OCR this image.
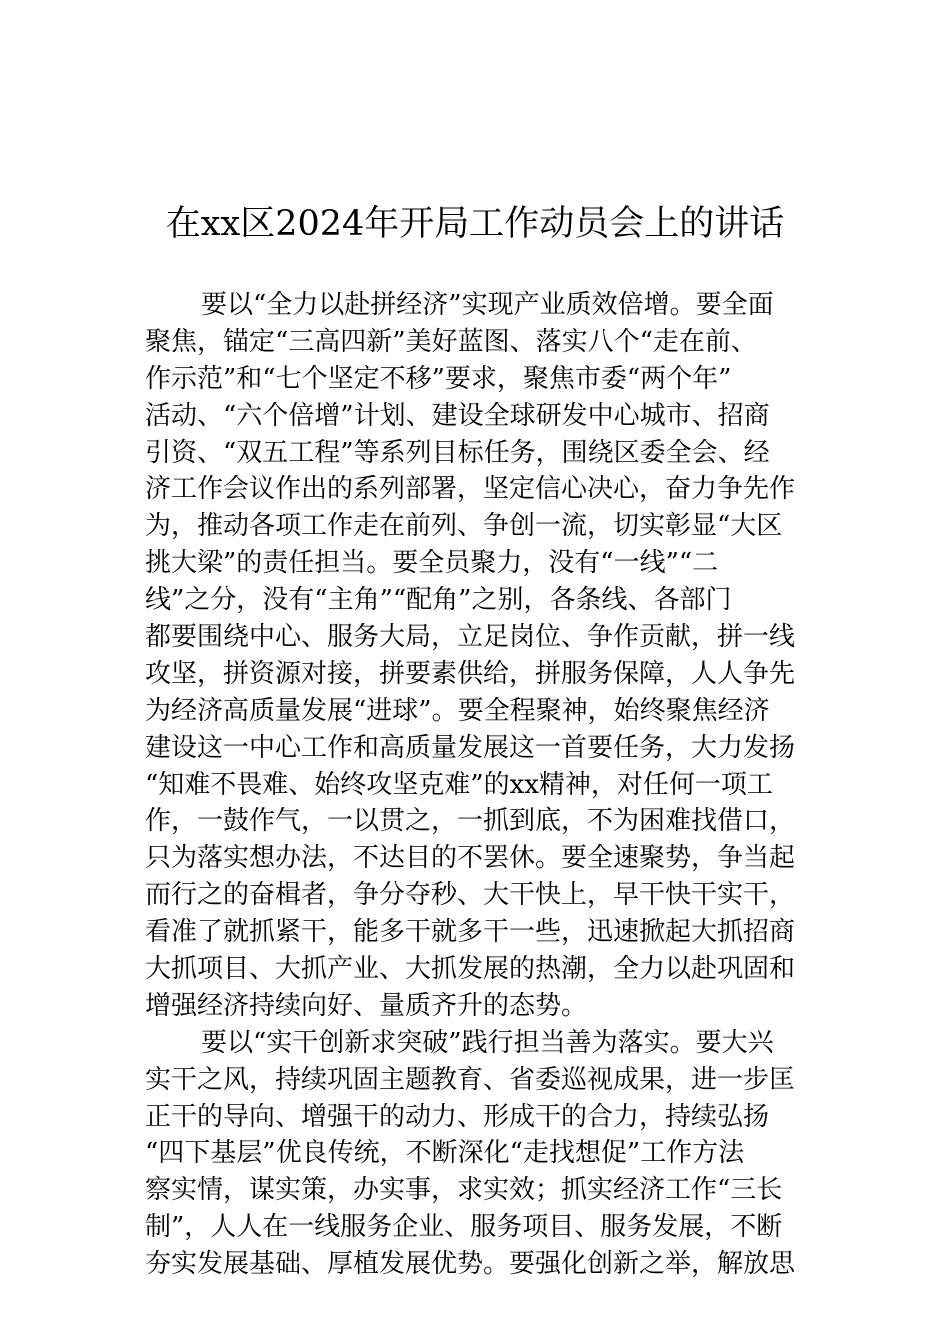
在xx区2024年开局工作动员会上的讲话
要以“全力以赴拼经济”实现产业质效倍增。要全面
聚焦，锚定“三高四新”美好蓝图、落实八个“走在前、
作示范”和“七个坚定不移”要求，聚焦市委“两个年”
活动、“六个倍增”计划、建设全球研发中心城市、招商
引资、“双五工程”等系列目标任务，围绕区委全会、经
济工作会议作出的系列部署，坚定信心决心，奋力争先作
为，推动各项工作走在前列、争创一流，切实彰显“大区
挑大梁”的责任担当。要全员聚力，没有“一线”“二
线”之分，没有“主角”“配角”之别，各条线、各部门
都要围绕中心、服务大局，立足岗位、争作贡献，拼一线
攻坚，拼资源对接，拼要素供给，拼服务保障，人人争先
为经济高质量发展“进球”。要全程聚神，始终聚焦经济
建设这一中心工作和高质量发展这一首要任务，大力发扬
“知难不畏难、始终攻坚克难”的xx精神，对任何一项工
作，一鼓作气，一以贯之，一抓到底，不为困难找借口，
只为落实想办法，不达目的不罢休。要全速聚势，争当起
而行之的奋楫者，争分夺秒、大干快上，早干快干实干，
看准了就抓紧干，能多干就多干一些，迅速掀起大抓招商
大抓项目、大抓产业、大抓发展的热潮，全力以赴巩固和
增强经济持续向好、量质齐升的态势。
要以“实干创新求突破”践行担当善为落实。要大兴
实干之风，持续巩固主题教育、省委巡视成果，进一步匡
正干的导向、增强干的动力、形成干的合力，持续弘扬
“四下基层”优良传统，不断深化“走找想促”工作方法
察实情，谋实策，办实事，求实效；抓实经济工作“三长
制”，人人在一线服务企业、服务项目、服务发展，不断
夯实发展基础、厚植发展优势。要强化创新之举，解放思
